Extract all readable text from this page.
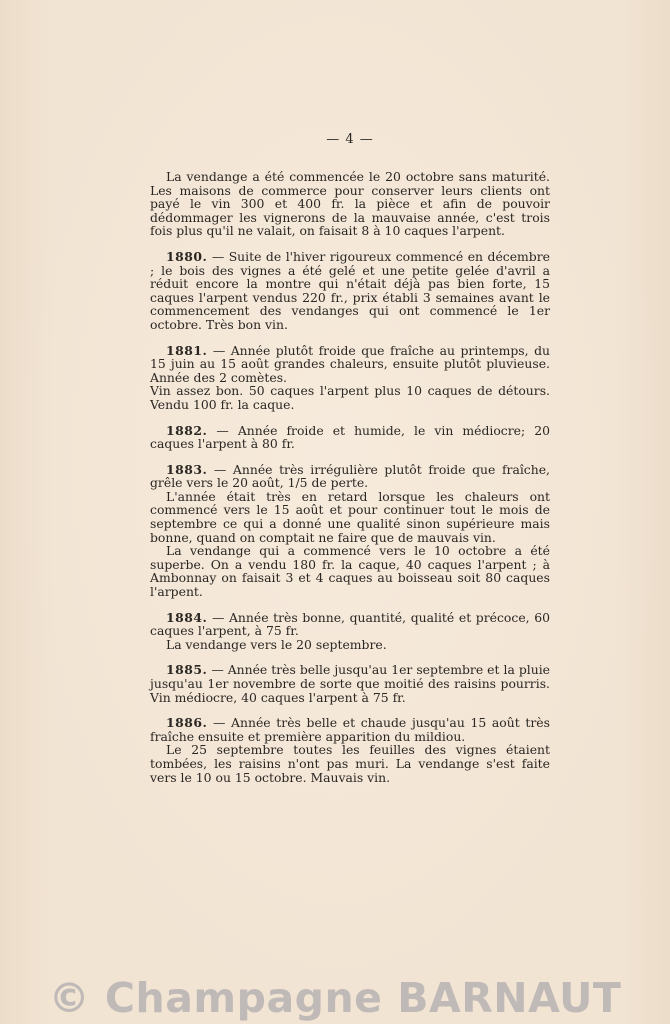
— 4 —

La vendange a été commencée le 20 octobre sans maturité. Les maisons de commerce pour conserver leurs clients ont payé le vin 300 et 400 fr. la pièce et afin de pouvoir dédommager les vignerons de la mauvaise année, c'est trois fois plus qu'il ne valait, on faisait 8 à 10 caques l'arpent.

1880. — Suite de l'hiver rigoureux commencé en décembre ; le bois des vignes a été gelé et une petite gelée d'avril a réduit encore la montre qui n'était déjà pas bien forte, 15 caques l'arpent vendus 220 fr., prix établi 3 semaines avant le commencement des vendanges qui ont commencé le 1er octobre. Très bon vin.

1881. — Année plutôt froide que fraîche au printemps, du 15 juin au 15 août grandes chaleurs, ensuite plutôt pluvieuse. Année des 2 comètes.

Vin assez bon. 50 caques l'arpent plus 10 caques de détours. Vendu 100 fr. la caque.

1882. — Année froide et humide, le vin médiocre; 20 caques l'arpent à 80 fr.

1883. — Année très irrégulière plutôt froide que fraîche, grêle vers le 20 août, 1/5 de perte.

L'année était très en retard lorsque les chaleurs ont commencé vers le 15 août et pour continuer tout le mois de septembre ce qui a donné une qualité sinon supérieure mais bonne, quand on comptait ne faire que de mauvais vin.

La vendange qui a commencé vers le 10 octobre a été superbe. On a vendu 180 fr. la caque, 40 caques l'arpent ; à Ambonnay on faisait 3 et 4 caques au boisseau soit 80 caques l'arpent.

1884. — Année très bonne, quantité, qualité et précoce, 60 caques l'arpent, à 75 fr.

La vendange vers le 20 septembre.

1885. — Année très belle jusqu'au 1er septembre et la pluie jusqu'au 1er novembre de sorte que moitié des raisins pourris. Vin médiocre, 40 caques l'arpent à 75 fr.

1886. — Année très belle et chaude jusqu'au 15 août très fraîche ensuite et première apparition du mildiou.

Le 25 septembre toutes les feuilles des vignes étaient tombées, les raisins n'ont pas muri. La vendange s'est faite vers le 10 ou 15 octobre. Mauvais vin.

© Champagne BARNAUT
